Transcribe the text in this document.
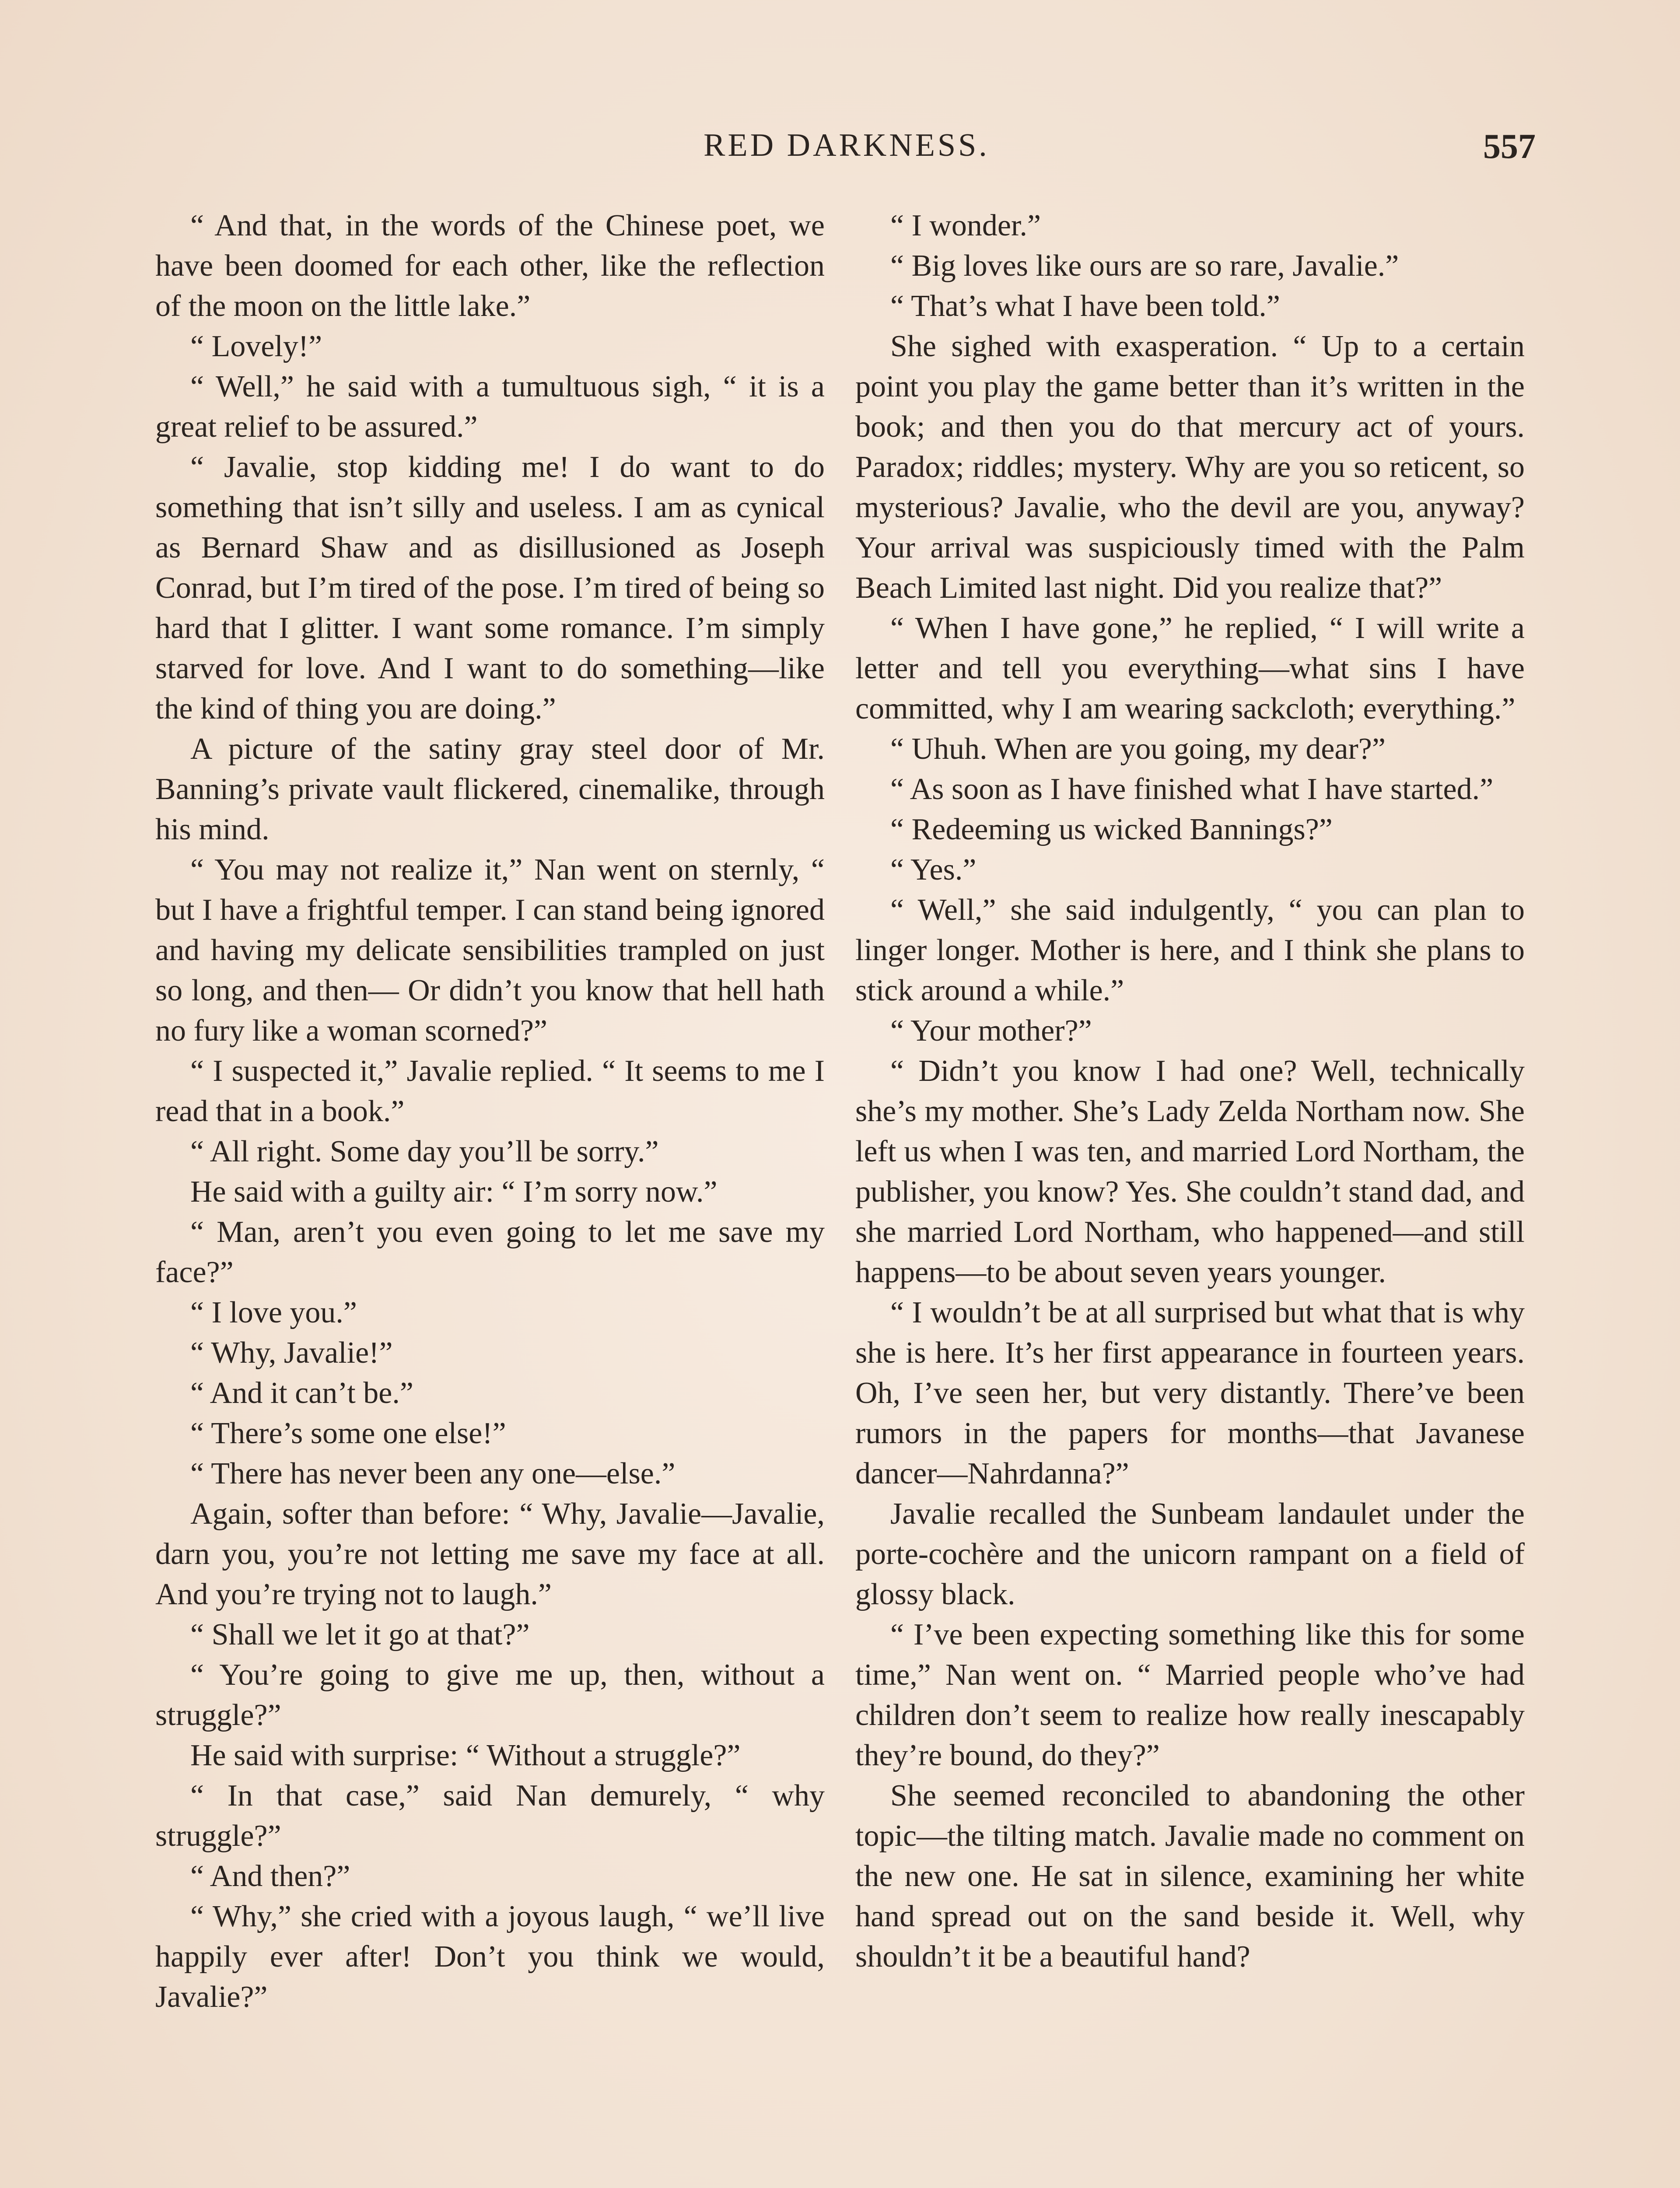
RED DARKNESS.	557

“ And that, in the words of the Chinese poet, we have been doomed for each other, like the reflection of the moon on the little lake.”

“ Lovely!”

“ Well,” he said with a tumultuous sigh, “ it is a great relief to be assured.”

“ Javalie, stop kidding me! I do want to do something that isn’t silly and useless. I am as cynical as Bernard Shaw and as disillusioned as Joseph Conrad, but I’m tired of the pose. I’m tired of being so hard that I glitter. I want some romance. I’m simply starved for love. And I want to do something—like the kind of thing you are doing.”

A picture of the satiny gray steel door of Mr. Banning’s private vault flickered, cinemalike, through his mind.

“ You may not realize it,” Nan went on sternly, “ but I have a frightful temper. I can stand being ignored and having my delicate sensibilities trampled on just so long, and then— Or didn’t you know that hell hath no fury like a woman scorned?”

“ I suspected it,” Javalie replied. “ It seems to me I read that in a book.”

“ All right. Some day you’ll be sorry.”

He said with a guilty air: “ I’m sorry now.”

“ Man, aren’t you even going to let me save my face?”

“ I love you.”

“ Why, Javalie!”

“ And it can’t be.”

“ There’s some one else!”

“ There has never been any one—else.”

Again, softer than before: “ Why, Javalie—Javalie, darn you, you’re not letting me save my face at all. And you’re trying not to laugh.”

“ Shall we let it go at that?”

“ You’re going to give me up, then, without a struggle?”

He said with surprise: “ Without a struggle?”

“ In that case,” said Nan demurely, “ why struggle?”

“ And then?”

“ Why,” she cried with a joyous laugh, “ we’ll live happily ever after! Don’t you think we would, Javalie?”

“ I wonder.”

“ Big loves like ours are so rare, Javalie.”

“ That’s what I have been told.”

She sighed with exasperation. “ Up to a certain point you play the game better than it’s written in the book; and then you do that mercury act of yours. Paradox; riddles; mystery. Why are you so reticent, so mysterious? Javalie, who the devil are you, anyway? Your arrival was suspiciously timed with the Palm Beach Limited last night. Did you realize that?”

“ When I have gone,” he replied, “ I will write a letter and tell you everything—what sins I have committed, why I am wearing sackcloth; everything.”

“ Uhuh. When are you going, my dear?”

“ As soon as I have finished what I have started.”

“ Redeeming us wicked Bannings?”

“ Yes.”

“ Well,” she said indulgently, “ you can plan to linger longer. Mother is here, and I think she plans to stick around a while.”

“ Your mother?”

“ Didn’t you know I had one? Well, technically she’s my mother. She’s Lady Zelda Northam now. She left us when I was ten, and married Lord Northam, the publisher, you know? Yes. She couldn’t stand dad, and she married Lord Northam, who happened—and still happens—to be about seven years younger.

“ I wouldn’t be at all surprised but what that is why she is here. It’s her first appearance in fourteen years. Oh, I’ve seen her, but very distantly. There’ve been rumors in the papers for months—that Javanese dancer—Nahrdanna?”

Javalie recalled the Sunbeam landaulet under the porte-cochère and the unicorn rampant on a field of glossy black.

“ I’ve been expecting something like this for some time,” Nan went on. “ Married people who’ve had children don’t seem to realize how really inescapably they’re bound, do they?”

She seemed reconciled to abandoning the other topic—the tilting match. Javalie made no comment on the new one. He sat in silence, examining her white hand spread out on the sand beside it. Well, why shouldn’t it be a beautiful hand?
